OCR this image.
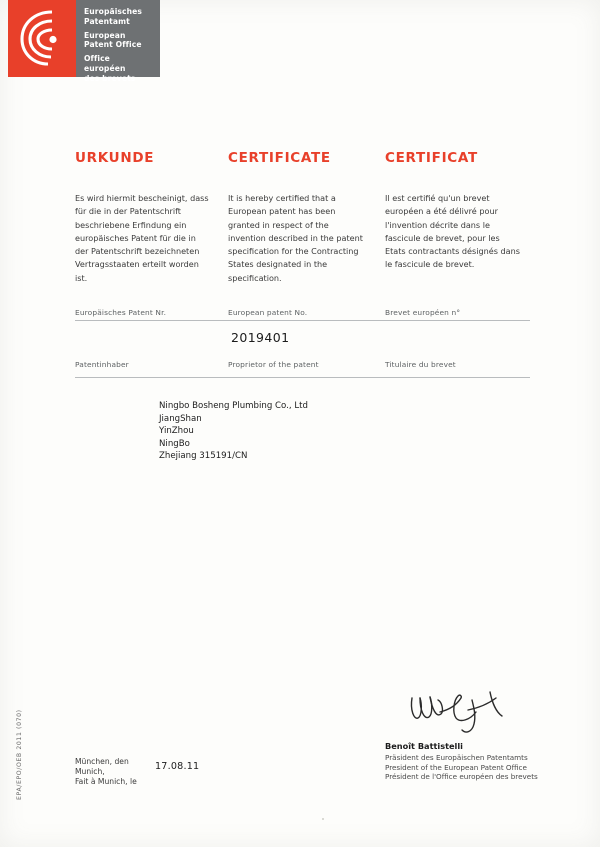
Europäisches
Patentamt
European
Patent Office
Office européen
des brevets
URKUNDE	CERTIFICATE	CERTIFICAT
Es wird hiermit bescheinigt, dass für die in der Patentschrift beschriebene Erfindung ein europäisches Patent für die in der Patentschrift bezeichneten Vertragsstaaten erteilt worden ist.
It is hereby certified that a European patent has been granted in respect of the invention described in the patent specification for the Contracting States designated in the specification.
Il est certifié qu'un brevet européen a été délivré pour l'invention décrite dans le fascicule de brevet, pour les Etats contractants désignés dans le fascicule de brevet.
Europäisches Patent Nr.	European patent No.	Brevet européen n°
2019401
Patentinhaber	Proprietor of the patent	Titulaire du brevet
Ningbo Bosheng Plumbing Co., Ltd
JiangShan
YinZhou
NingBo
Zhejiang 315191/CN
Benoît Battistelli
Präsident des Europäischen Patentamts
President of the European Patent Office
Président de l'Office européen des brevets
München, den
Munich,
Fait à Munich, le
17.08.11
EPA/EPO/OEB 2011 (070)
